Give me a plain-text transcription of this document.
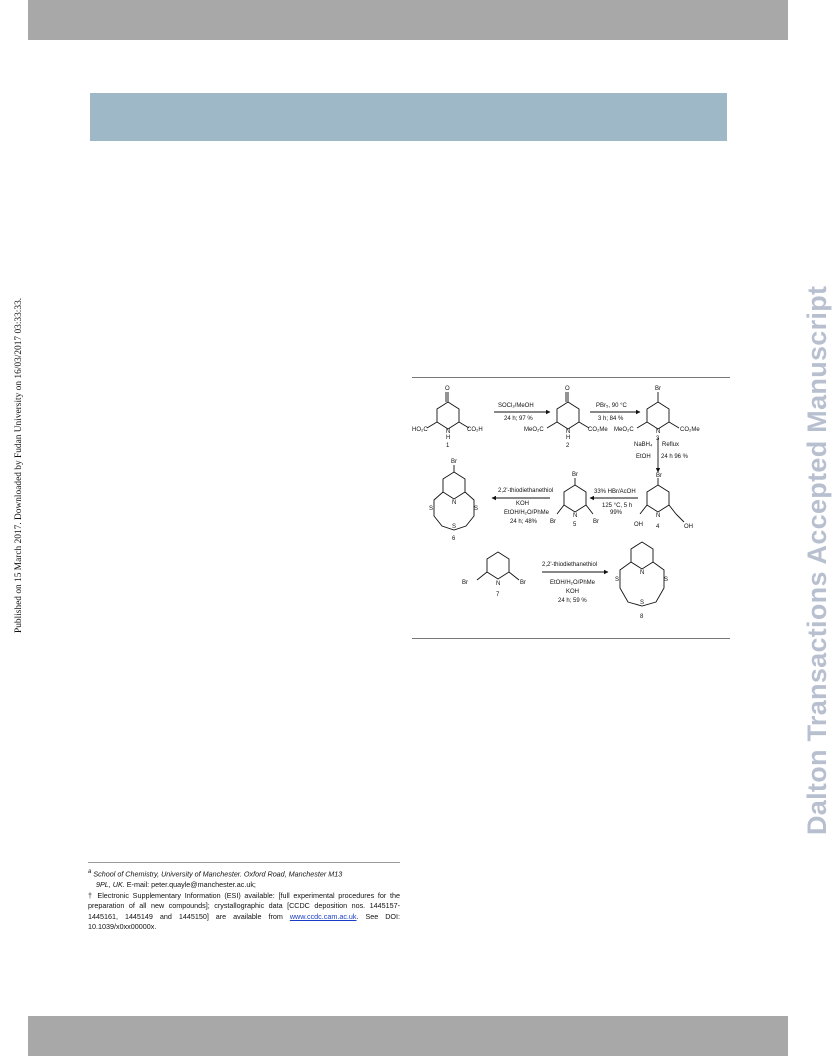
Published on 15 March 2017. Downloaded by Fudan University on 16/03/2017 03:33:33.	Dalton Transactions Accepted Manuscript
O
N
H
HO₂C	CO₂H
1
SOCl₂/MeOH
24 h; 97 %
O
N
H
MeO₂C	CO₂Me
2
PBr₅, 90 °C
3 h; 84 %
Br
N
MeO₂C	CO₂Me
3
NaBH₄ Reflux
EtOH 24 h 96 %
Br
N
OH	OH
4
33% HBr/AcOH
125 °C, 5 h
99%
Br
N
Br	Br
5
2,2'-thiodiethanethiol
KOH
EtOH/H₂O/PhMe
24 h; 48%
Br
N
S	S
S
6
N
Br	Br
7
2,2'-thiodiethanethiol
EtOH/H₂O/PhMe
KOH
24 h; 59 %
N
S	S
S
8
$^a$ School of Chemistry, University of Manchester. Oxford Road, Manchester M13
9PL, UK. E-mail: peter.quayle@manchester.ac.uk;
† Electronic Supplementary Information (ESI) available: [full experimental procedures for the preparation of all new compounds]; crystallographic data [CCDC deposition nos. 1445157-1445161, 1445149 and 1445150] are available from www.ccdc.cam.ac.uk. See DOI: 10.1039/x0xx00000x.
